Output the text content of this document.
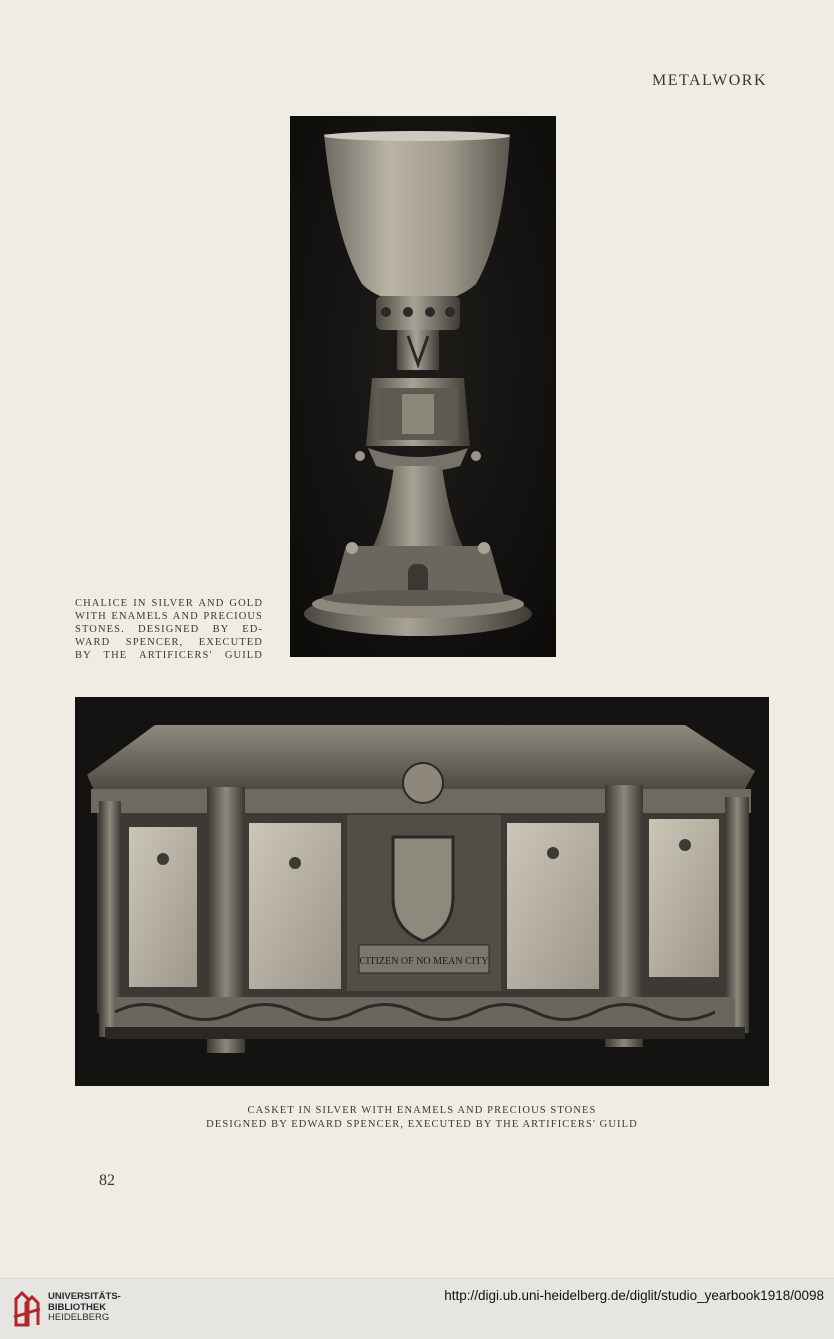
METALWORK
CHALICE IN SILVER AND GOLD
WITH ENAMELS AND PRECIOUS
STONES. DESIGNED BY ED-
WARD SPENCER, EXECUTED
BY THE ARTIFICERS' GUILD
CITIZEN OF NO MEAN CITY
CASKET IN SILVER WITH ENAMELS AND PRECIOUS STONES
DESIGNED BY EDWARD SPENCER, EXECUTED BY THE ARTIFICERS' GUILD
82
UNIVERSITÄTS-
BIBLIOTHEK
HEIDELBERG
http://digi.ub.uni-heidelberg.de/diglit/studio_yearbook1918/0098
